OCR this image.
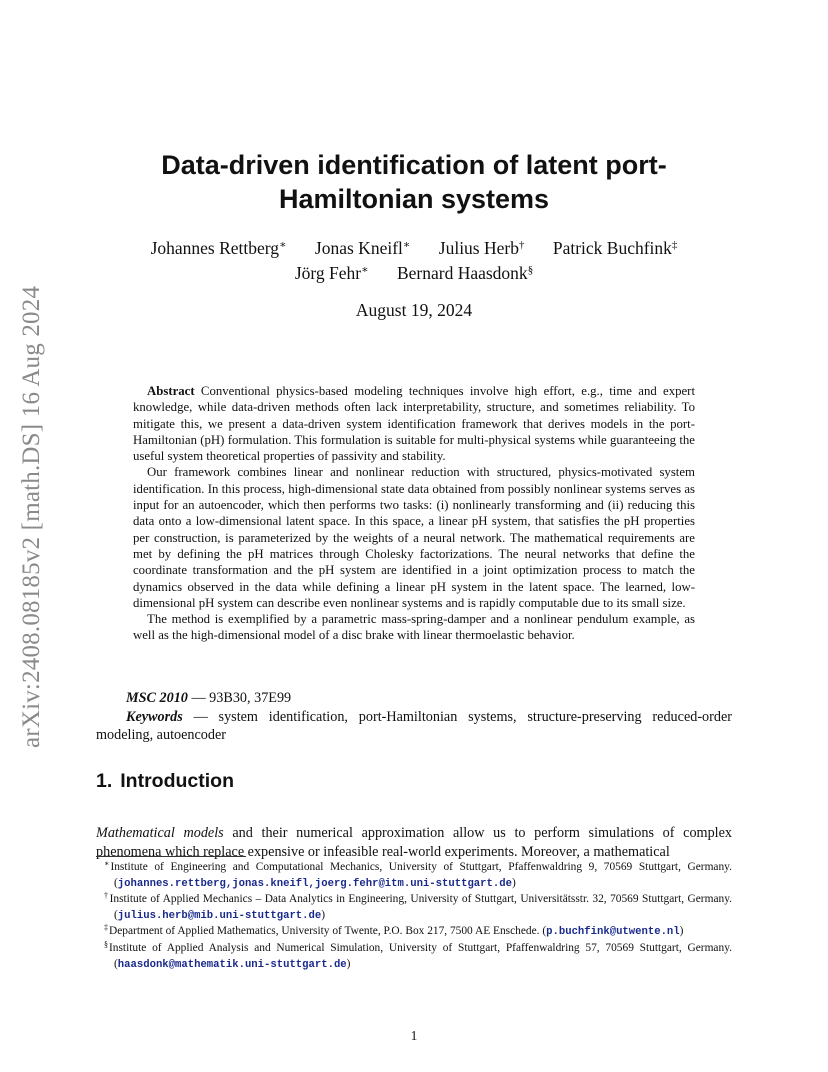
arXiv:2408.08185v2 [math.DS] 16 Aug 2024
Data-driven identification of latent port-Hamiltonian systems
Johannes Rettberg∗ Jonas Kneifl∗ Julius Herb† Patrick Buchfink‡
Jörg Fehr∗ Bernard Haasdonk§
August 19, 2024

Abstract Conventional physics-based modeling techniques involve high effort, e.g., time and expert knowledge, while data-driven methods often lack interpretability, structure, and sometimes reliability. To mitigate this, we present a data-driven system identification framework that derives models in the port-Hamiltonian (pH) formulation. This formulation is suitable for multi-physical systems while guaranteeing the useful system theoretical properties of passivity and stability.

Our framework combines linear and nonlinear reduction with structured, physics-motivated system identification. In this process, high-dimensional state data obtained from possibly nonlinear systems serves as input for an autoencoder, which then performs two tasks: (i) nonlinearly transforming and (ii) reducing this data onto a low-dimensional latent space. In this space, a linear pH system, that satisfies the pH properties per construction, is parameterized by the weights of a neural network. The mathematical requirements are met by defining the pH matrices through Cholesky factorizations. The neural networks that define the coordinate transformation and the pH system are identified in a joint optimization process to match the dynamics observed in the data while defining a linear pH system in the latent space. The learned, low-dimensional pH system can describe even nonlinear systems and is rapidly computable due to its small size.

The method is exemplified by a parametric mass-spring-damper and a nonlinear pendulum example, as well as the high-dimensional model of a disc brake with linear thermoelastic behavior.

MSC 2010 — 93B30, 37E99

Keywords — system identification, port-Hamiltonian systems, structure-preserving reduced-order modeling, autoencoder

1. Introduction

Mathematical models and their numerical approximation allow us to perform simulations of complex phenomena which replace expensive or infeasible real-world experiments. Moreover, a mathematical

∗Institute of Engineering and Computational Mechanics, University of Stuttgart, Pfaffenwaldring 9, 70569 Stuttgart, Germany. (johannes.rettberg,jonas.kneifl,joerg.fehr@itm.uni-stuttgart.de)

†Institute of Applied Mechanics – Data Analytics in Engineering, University of Stuttgart, Universitätsstr. 32, 70569 Stuttgart, Germany. (julius.herb@mib.uni-stuttgart.de)

‡Department of Applied Mathematics, University of Twente, P.O. Box 217, 7500 AE Enschede. (p.buchfink@utwente.nl)

§Institute of Applied Analysis and Numerical Simulation, University of Stuttgart, Pfaffenwaldring 57, 70569 Stuttgart, Germany. (haasdonk@mathematik.uni-stuttgart.de)

1
